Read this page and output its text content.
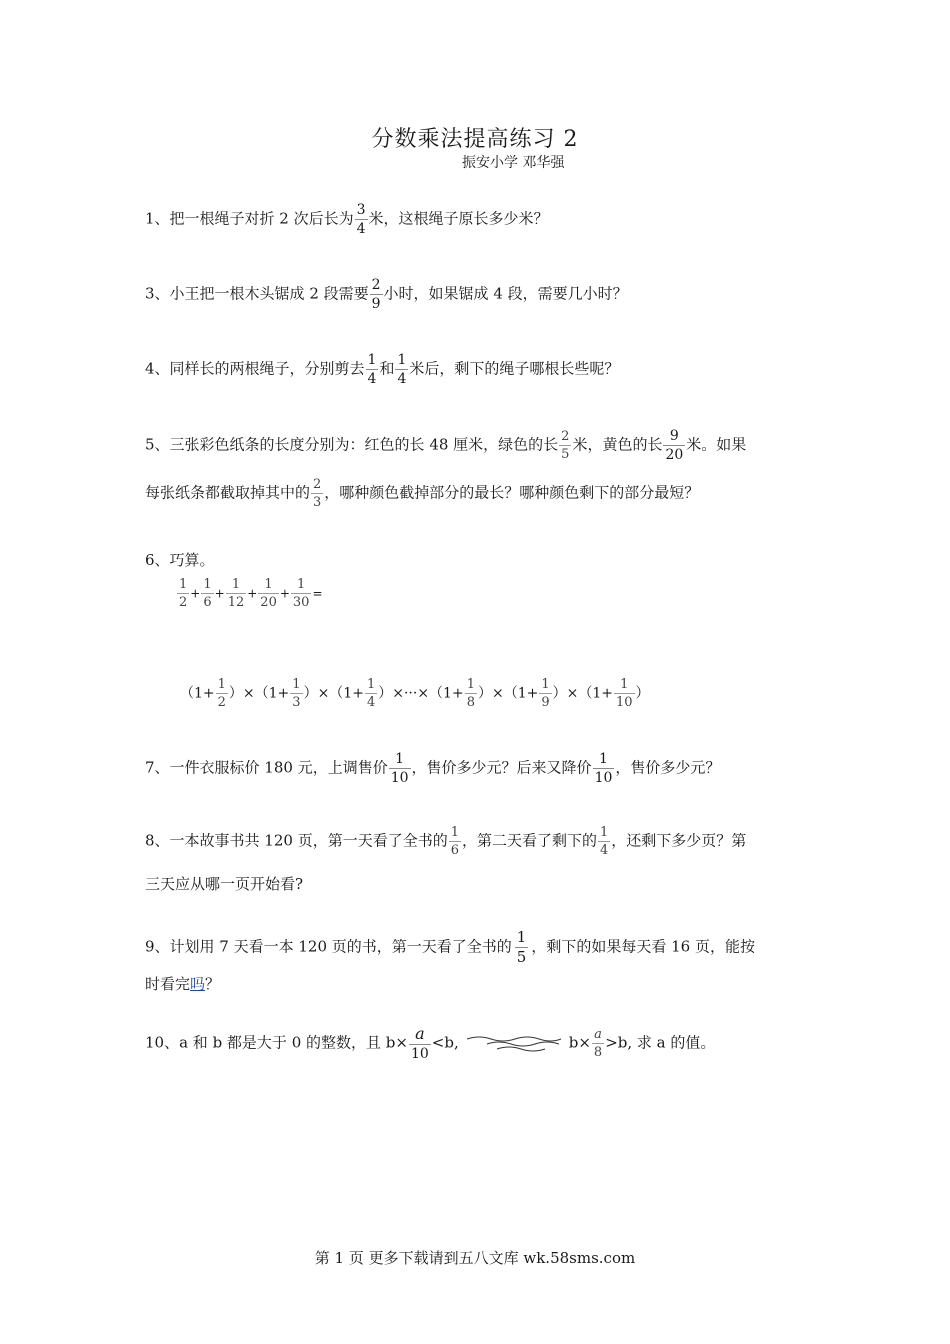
分数乘法提高练习 2
振安小学 邓华强
1、把一根绳子对折 2 次后长为 $\frac{3}{4}$ 米，这根绳子原长多少米？
3、小王把一根木头锯成 2 段需要 $\frac{2}{9}$ 小时，如果锯成 4 段，需要几小时？
4、同样长的两根绳子，分别剪去 $\frac{1}{4}$ 和 $\frac{1}{4}$ 米后，剩下的绳子哪根长些呢？
5、三张彩色纸条的长度分别为：红色的长 48 厘米，绿色的长 $\frac{2}{5}$ 米，黄色的长 $\frac{9}{20}$ 米。如果
每张纸条都截取掉其中的 $\frac{2}{3}$ ，哪种颜色截掉部分的最长？哪种颜色剩下的部分最短？
6、巧算。
$\frac{1}{2} + \frac{1}{6} + \frac{1}{12} + \frac{1}{20} + \frac{1}{30}$ =
$(1+ \frac{1}{2} )\times(1+ \frac{1}{3} )\times(1+ \frac{1}{4} )\times\cdot\cdot\cdot\times(1+ \frac{1}{8} )\times(1+ \frac{1}{9} )\times(1+ \frac{1}{10}$ ）
7、一件衣服标价 180 元，上调售价 $\frac{1}{10}$ ，售价多少元？后来又降价 $\frac{1}{10}$ ，售价多少元？
8、一本故事书共 120 页，第一天看了全书的 $\frac{1}{6}$ ，第二天看了剩下的 $\frac{1}{4}$ ，还剩下多少页？第
三天应从哪一页开始看?
9、计划用 7 天看一本 120 页的书，第一天看了全书的 $\frac{1}{5}$ ，剩下的如果每天看 16 页，能按
时看完吗？
10、a 和 b 都是大于 0 的整数，且 $b\times \frac{a}{10} <b$,	$b\times \frac{a}{8} >b$, 求 a 的值。
第 1 页 更多下载请到五八文库 wk.58sms.com
